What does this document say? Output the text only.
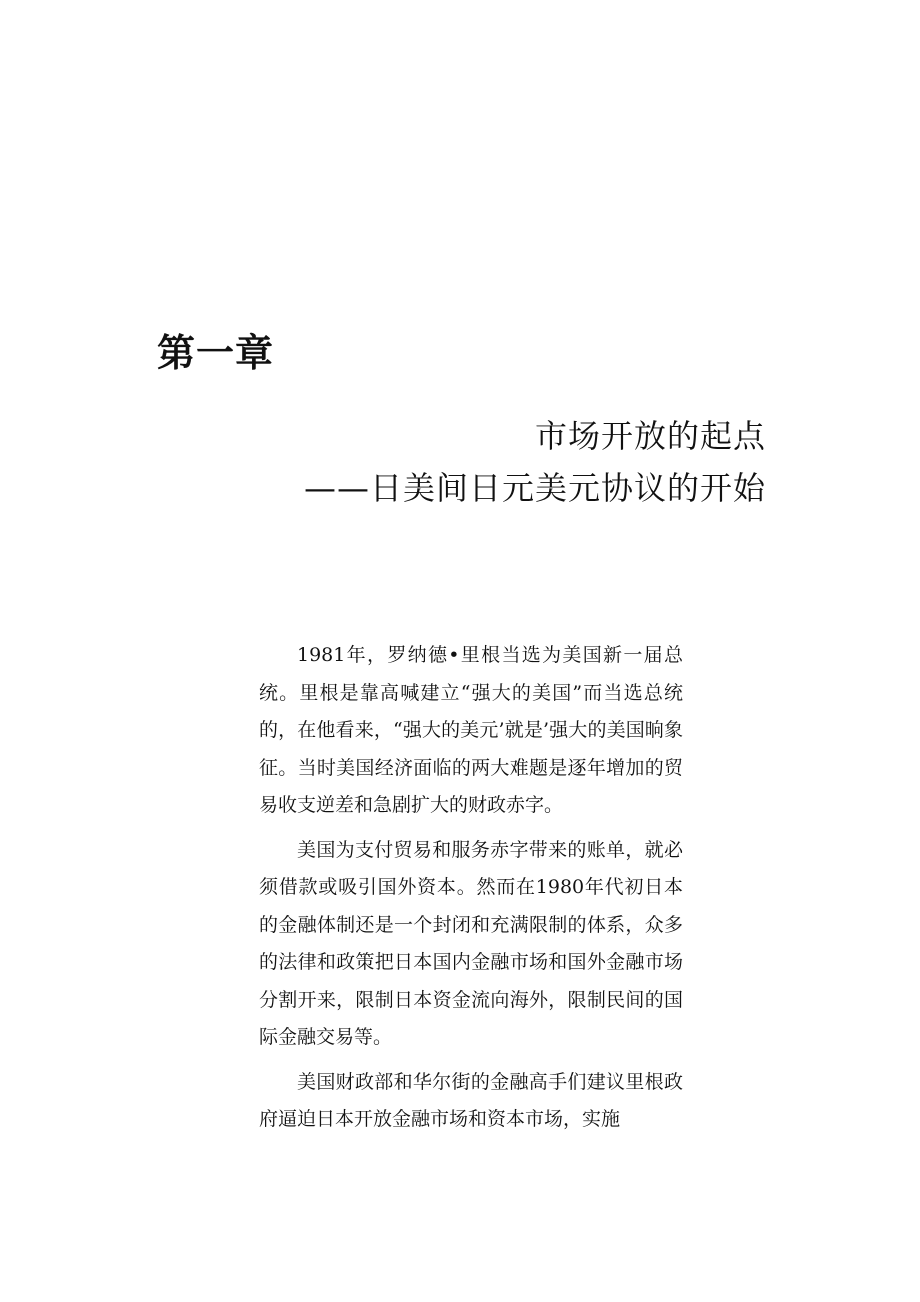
第一章
市场开放的起点
——日美间日元美元协议的开始

1981年，罗纳德•里根当选为美国新一届总统。里根是靠高喊建立“强大的美国”而当选总统的，在他看来，“强大的美元’就是’强大的美国晌象征。当时美国经济面临的两大难题是逐年增加的贸易收支逆差和急剧扩大的财政赤字。

美国为支付贸易和服务赤字带来的账单，就必须借款或吸引国外资本。然而在1980年代初日本的金融体制还是一个封闭和充满限制的体系，众多的法律和政策把日本国内金融市场和国外金融市场分割开来，限制日本资金流向海外，限制民间的国际金融交易等。

美国财政部和华尔街的金融高手们建议里根政府逼迫日本开放金融市场和资本市场，实施
